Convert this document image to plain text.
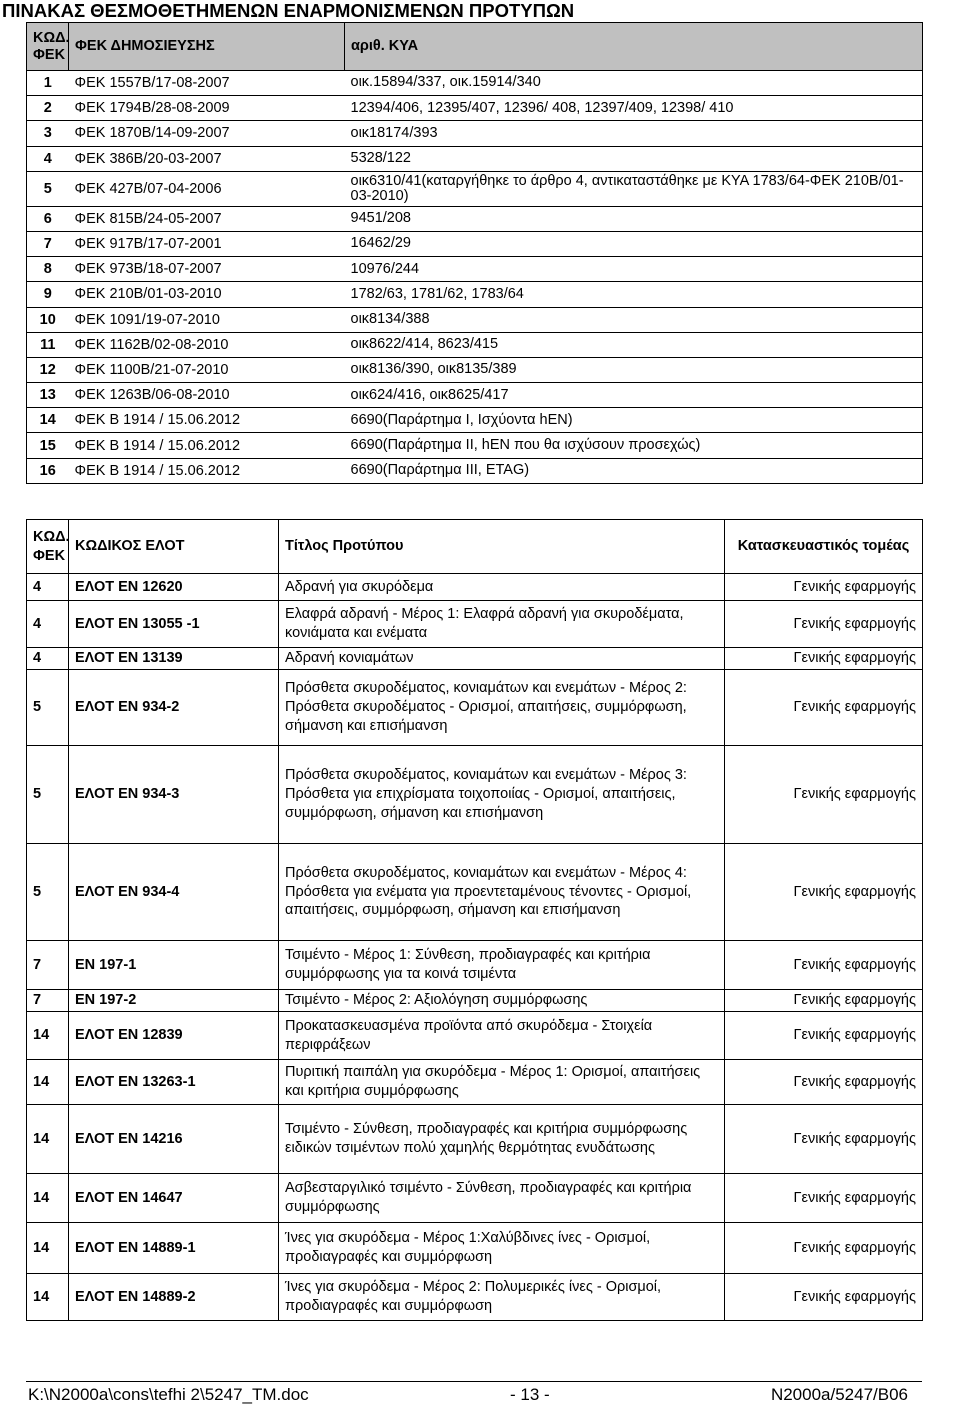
ΠΙΝΑΚΑΣ ΘΕΣΜΟΘΕΤΗΜΕΝΩΝ ΕΝΑΡΜΟΝΙΣΜΕΝΩΝ ΠΡΟΤΥΠΩΝ
ΚΩΔ. ΦΕΚ	ΦΕΚ ΔΗΜΟΣΙΕΥΣΗΣ	αριθ. ΚΥΑ
1	ΦΕΚ 1557Β/17-08-2007	οικ.15894/337, οικ.15914/340
2	ΦΕΚ 1794Β/28-08-2009	12394/406, 12395/407, 12396/ 408, 12397/409, 12398/ 410
3	ΦΕΚ 1870Β/14-09-2007	οικ18174/393
4	ΦΕΚ 386Β/20-03-2007	5328/122
5	ΦΕΚ 427Β/07-04-2006	οικ6310/41(καταργήθηκε το άρθρο 4, αντικαταστάθηκε με ΚΥΑ 1783/64-ΦΕΚ 210Β/01-03-2010)
6	ΦΕΚ 815Β/24-05-2007	9451/208
7	ΦΕΚ 917Β/17-07-2001	16462/29
8	ΦΕΚ 973Β/18-07-2007	10976/244
9	ΦΕΚ 210Β/01-03-2010	1782/63, 1781/62, 1783/64
10	ΦΕΚ 1091/19-07-2010	οικ8134/388
11	ΦΕΚ 1162Β/02-08-2010	οικ8622/414, 8623/415
12	ΦΕΚ 1100Β/21-07-2010	οικ8136/390, οικ8135/389
13	ΦΕΚ 1263Β/06-08-2010	οικ624/416, οικ8625/417
14	ΦΕΚ Β 1914 / 15.06.2012	6690(Παράρτημα Ι, Ισχύοντα hEN)
15	ΦΕΚ Β 1914 / 15.06.2012	6690(Παράρτημα ΙΙ, hEN που θα ισχύσουν προσεχώς)
16	ΦΕΚ Β 1914 / 15.06.2012	6690(Παράρτημα ΙΙΙ, ETAG)
ΚΩΔ. ΦΕΚ	ΚΩΔΙΚΟΣ ΕΛΟΤ	Τίτλος Προτύπου	Κατασκευαστικός τομέας
4	ΕΛΟΤ ΕΝ 12620	Αδρανή για σκυρόδεμα	Γενικής εφαρμογής
4	ΕΛΟΤ ΕΝ 13055 -1	Ελαφρά αδρανή - Μέρος 1: Ελαφρά αδρανή για σκυροδέματα, κονιάματα και ενέματα	Γενικής εφαρμογής
4	ΕΛΟΤ ΕΝ 13139	Αδρανή κονιαμάτων	Γενικής εφαρμογής
5	ΕΛΟΤ ΕΝ 934-2	Πρόσθετα σκυροδέματος, κονιαμάτων και ενεμάτων - Μέρος 2: Πρόσθετα σκυροδέματος - Ορισμοί, απαιτήσεις, συμμόρφωση, σήμανση και επισήμανση	Γενικής εφαρμογής
5	ΕΛΟΤ ΕΝ 934-3	Πρόσθετα σκυροδέματος, κονιαμάτων και ενεμάτων - Μέρος 3: Πρόσθετα για επιχρίσματα τοιχοποιίας - Ορισμοί, απαιτήσεις, συμμόρφωση, σήμανση και επισήμανση	Γενικής εφαρμογής
5	ΕΛΟΤ ΕΝ 934-4	Πρόσθετα σκυροδέματος, κονιαμάτων και ενεμάτων - Μέρος 4: Πρόσθετα για ενέματα για προεντεταμένους τένοντες - Ορισμοί, απαιτήσεις, συμμόρφωση, σήμανση και επισήμανση	Γενικής εφαρμογής
7	ΕΝ 197-1	Τσιμέντο - Μέρος 1: Σύνθεση, προδιαγραφές και κριτήρια συμμόρφωσης για τα κοινά τσιμέντα	Γενικής εφαρμογής
7	ΕΝ 197-2	Τσιμέντο - Μέρος 2: Αξιολόγηση συμμόρφωσης	Γενικής εφαρμογής
14	ΕΛΟΤ ΕΝ 12839	Προκατασκευασμένα προϊόντα από σκυρόδεμα - Στοιχεία περιφράξεων	Γενικής εφαρμογής
14	ΕΛΟΤ ΕΝ 13263-1	Πυριτική παιπάλη για σκυρόδεμα - Μέρος 1: Ορισμοί, απαιτήσεις και κριτήρια συμμόρφωσης	Γενικής εφαρμογής
14	ΕΛΟΤ ΕΝ 14216	Τσιμέντο - Σύνθεση, προδιαγραφές και κριτήρια συμμόρφωσης ειδικών τσιμέντων πολύ χαμηλής θερμότητας ενυδάτωσης	Γενικής εφαρμογής
14	ΕΛΟΤ ΕΝ 14647	Ασβεσταργιλικό τσιμέντο - Σύνθεση, προδιαγραφές και κριτήρια συμμόρφωσης	Γενικής εφαρμογής
14	ΕΛΟΤ ΕΝ 14889-1	Ίνες για σκυρόδεμα - Μέρος 1:Χαλύβδινες ίνες - Ορισμοί, προδιαγραφές και συμμόρφωση	Γενικής εφαρμογής
14	ΕΛΟΤ ΕΝ 14889-2	Ίνες για σκυρόδεμα - Μέρος 2: Πολυμερικές ίνες - Ορισμοί, προδιαγραφές και συμμόρφωση	Γενικής εφαρμογής
K:\N2000a\cons\tefhi 2\5247_TM.doc	- 13 -	N2000a/5247/B06
